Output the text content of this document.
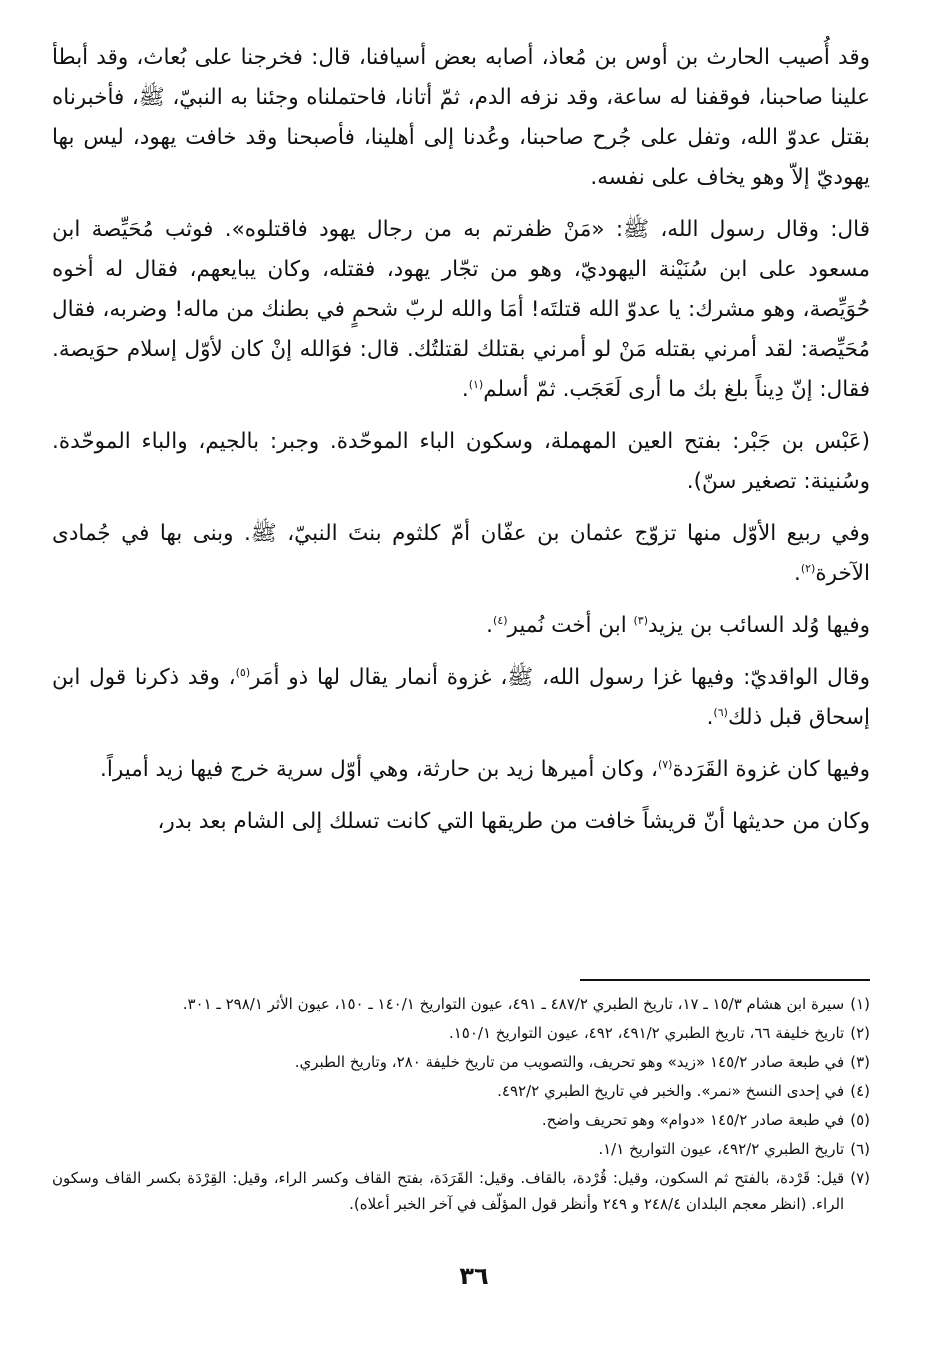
وقد أُصيب الحارث بن أوس بن مُعاذ، أصابه بعض أسيافنا، قال: فخرجنا على بُعاث، وقد أبطأ علينا صاحبنا، فوقفنا له ساعة، وقد نزفه الدم، ثمّ أتانا، فاحتملناه وجئنا به النبيّ، ﷺ، فأخبرناه بقتل عدوّ الله، وتفل على جُرح صاحبنا، وعُدنا إلى أهلينا، فأصبحنا وقد خافت يهود، ليس بها يهوديّ إلاّ وهو يخاف على نفسه.

قال: وقال رسول الله، ﷺ: «مَنْ ظفرتم به من رجال يهود فاقتلوه». فوثب مُحَيِّصة ابن مسعود على ابن سُنَيْنة اليهوديّ، وهو من تجّار يهود، فقتله، وكان يبايعهم، فقال له أخوه حُوَيِّصة، وهو مشرك: يا عدوّ الله قتلتَه! أمَا والله لربّ شحمٍ في بطنك من ماله! وضربه، فقال مُحَيِّصة: لقد أمرني بقتله مَنْ لو أمرني بقتلك لقتلتُك. قال: فوَالله إنْ كان لأوّل إسلام حوَيصة. فقال: إنّ دِيناً بلغ بك ما أرى لَعَجَب. ثمّ أسلم$^{(١)}$.

(عَبْس بن جَبْر: بفتح العين المهملة، وسكون الباء الموحّدة. وجبر: بالجيم، والباء الموحّدة. وسُنينة: تصغير سنّ).

وفي ربيع الأوّل منها تزوّج عثمان بن عفّان أمّ كلثوم بنتَ النبيّ، ﷺ. وبنى بها في جُمادى الآخرة$^{(٢)}$.

وفيها وُلد السائب بن يزيد$^{(٣)}$ ابن أخت نُمير$^{(٤)}$.

وقال الواقديّ: وفيها غزا رسول الله، ﷺ، غزوة أنمار يقال لها ذو أمَر$^{(٥)}$، وقد ذكرنا قول ابن إسحاق قبل ذلك$^{(٦)}$.

وفيها كان غزوة القَرَدة$^{(٧)}$، وكان أميرها زيد بن حارثة، وهي أوّل سرية خرج فيها زيد أميراً.

وكان من حديثها أنّ قريشاً خافت من طريقها التي كانت تسلك إلى الشام بعد بدر،

(١)
سيرة ابن هشام ١٥/٣ ـ ١٧، تاريخ الطبري ٤٨٧/٢ ـ ٤٩١، عيون التواريخ ١٤٠/١ ـ ١٥٠، عيون الأثر ٢٩٨/١ ـ ٣٠١.
(٢)
تاريخ خليفة ٦٦، تاريخ الطبري ٤٩١/٢، ٤٩٢، عيون التواريخ ١٥٠/١.
(٣)
في طبعة صادر ١٤٥/٢ «زيد» وهو تحريف، والتصويب من تاريخ خليفة ٢٨٠، وتاريخ الطبري.
(٤)
في إحدى النسخ «نمر». والخبر في تاريخ الطبري ٤٩٢/٢.
(٥)
في طبعة صادر ١٤٥/٢ «دوام» وهو تحريف واضح.
(٦)
تاريخ الطبري ٤٩٢/٢، عيون التواريخ ١/١.
(٧)
قيل: قَرْدة، بالفتح ثم السكون، وقيل: قُرْدة، بالقاف. وقيل: القَرَدَة، بفتح القاف وكسر الراء، وقيل: القِرْدَة بكسر القاف وسكون الراء. (انظر معجم البلدان ٢٤٨/٤ و ٢٤٩ وأنظر قول المؤلّف في آخر الخبر أعلاه).
٣٦
